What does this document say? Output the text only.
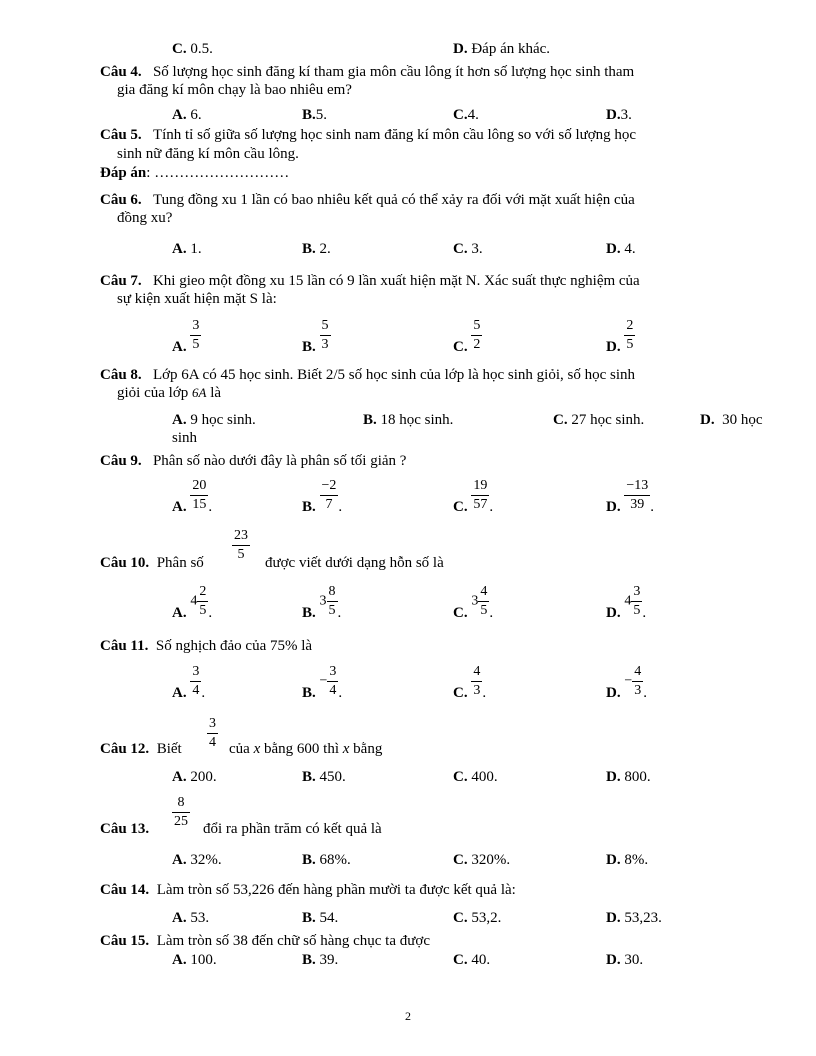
C. 0.5.	D. Đáp án khác.
Câu 4. Số lượng học sinh đăng kí tham gia môn cầu lông ít hơn số lượng học sinh tham
gia đăng kí môn chạy là bao nhiêu em?
A. 6.	B.5.	C.4.	D.3.
Câu 5. Tính tỉ số giữa số lượng học sinh nam đăng kí môn cầu lông so với số lượng học
sinh nữ đăng kí môn cầu lông.
Đáp án: ………………………
Câu 6. Tung đồng xu 1 lần có bao nhiêu kết quả có thể xảy ra đối với mặt xuất hiện của
đồng xu?
A. 1.	B. 2.	C. 3.	D. 4.
Câu 7. Khi gieo một đồng xu 15 lần có 9 lần xuất hiện mặt N. Xác suất thực nghiệm của
sự kiện xuất hiện mặt S là:
A. $\frac{3}{5}$	B. $\frac{5}{3}$	C. $\frac{5}{2}$	D. $\frac{2}{5}$
Câu 8. Lớp 6A có 45 học sinh. Biết 2/5 số học sinh của lớp là học sinh giỏi, số học sinh
giỏi của lớp 6A là
A. 9 học sinh.	B. 18 học sinh.	C. 27 học sinh.	D. 30 học
sinh
Câu 9. Phân số nào dưới đây là phân số tối giản ?
A. $\frac{20}{15}$ .	B. $\frac{-2}{7}$ .	C. $\frac{19}{57}$ .	D. $\frac{-13}{39}$ .
Câu 10. Phân số $\frac{23}{5}$ được viết dưới dạng hỗn số là
A. $4 \frac{2}{5}$ .	B. $3 \frac{8}{5}$ .	C. $3 \frac{4}{5}$ .	D. $4 \frac{3}{5}$ .
Câu 11. Số nghịch đảo của 75% là
A. $\frac{3}{4}$ .	B. − $\frac{3}{4}$ .	C. $\frac{4}{3}$ .	D. − $\frac{4}{3}$ .
Câu 12. Biết $\frac{3}{4}$ của x bằng 600 thì x bằng
A. 200.	B. 450.	C. 400.	D. 800.
Câu 13. $\frac{8}{25}$ đổi ra phần trăm có kết quả là
A. 32%.	B. 68%.	C. 320%.	D. 8%.
Câu 14. Làm tròn số 53,226 đến hàng phần mười ta được kết quả là:
A. 53.	B. 54.	C. 53,2.	D. 53,23.
Câu 15. Làm tròn số 38 đến chữ số hàng chục ta được
A. 100.	B. 39.	C. 40.	D. 30.
2
